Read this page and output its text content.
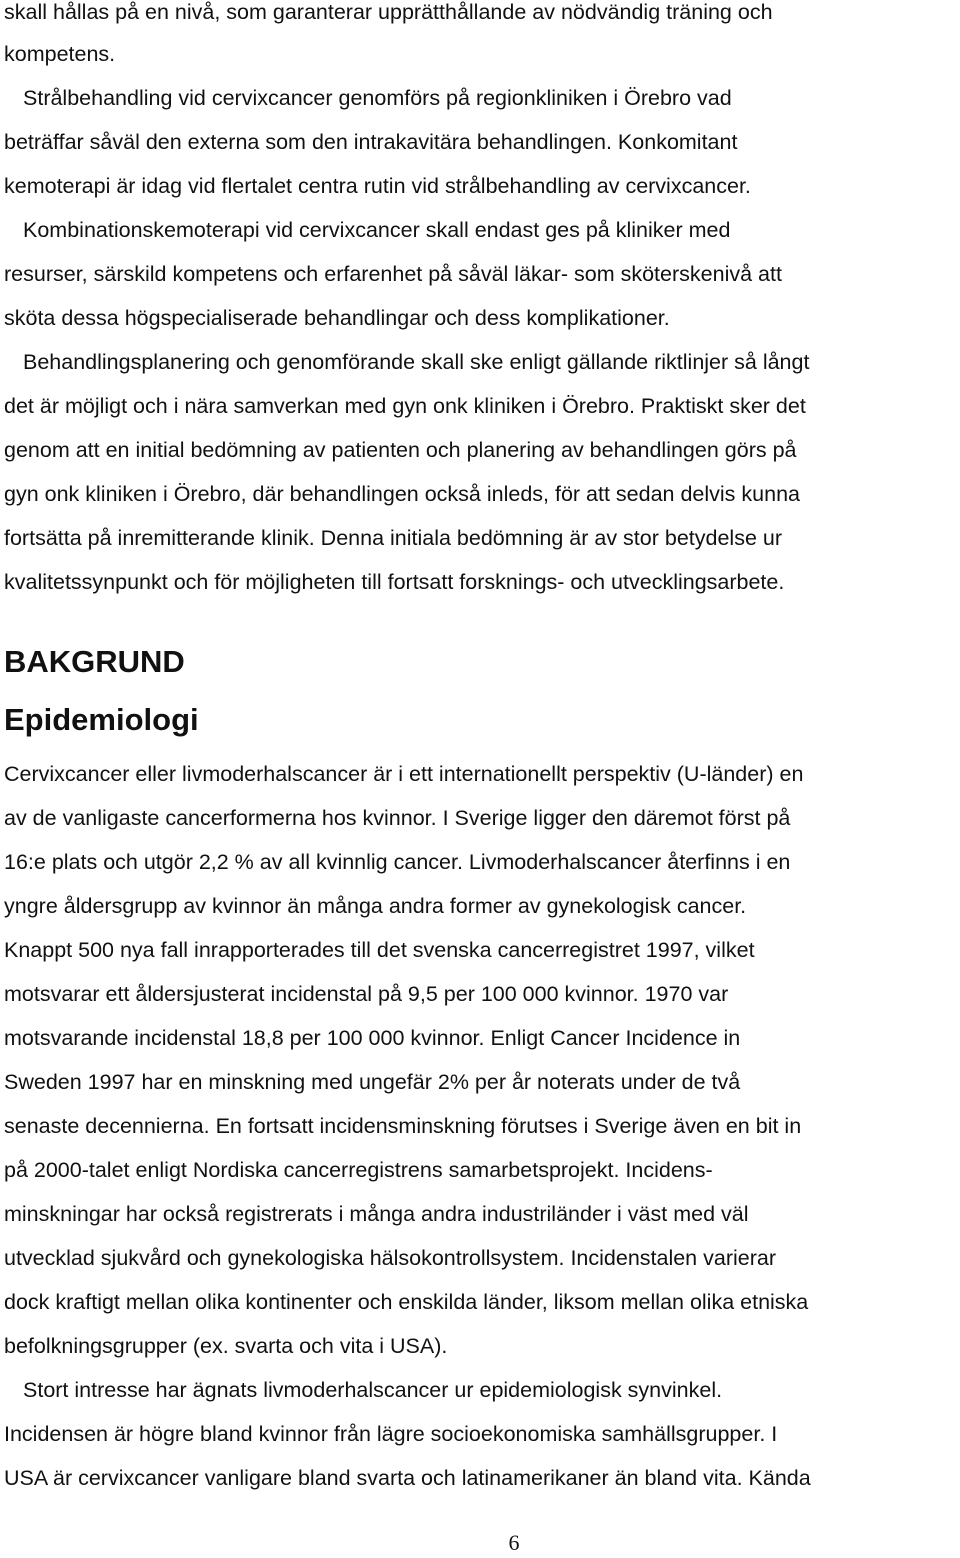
skall hållas på en nivå, som garanterar upprätthållande av nödvändig träning och
kompetens.
Strålbehandling vid cervixcancer genomförs på regionkliniken i Örebro vad
beträffar såväl den externa som den intrakavitära behandlingen. Konkomitant
kemoterapi är idag vid flertalet centra rutin vid strålbehandling av cervixcancer.
Kombinationskemoterapi vid cervixcancer skall endast ges på kliniker med
resurser, särskild kompetens och erfarenhet på såväl läkar- som sköterskenivå att
sköta dessa högspecialiserade behandlingar och dess komplikationer.
Behandlingsplanering och genomförande skall ske enligt gällande riktlinjer så långt
det är möjligt och i nära samverkan med gyn onk kliniken i Örebro. Praktiskt sker det
genom att en initial bedömning av patienten och planering av behandlingen görs på
gyn onk kliniken i Örebro, där behandlingen också inleds, för att sedan delvis kunna
fortsätta på inremitterande klinik. Denna initiala bedömning är av stor betydelse ur
kvalitetssynpunkt och för möjligheten till fortsatt forsknings- och utvecklingsarbete.
BAKGRUND
Epidemiologi
Cervixcancer eller livmoderhalscancer är i ett internationellt perspektiv (U-länder) en
av de vanligaste cancerformerna hos kvinnor. I Sverige ligger den däremot först på
16:e plats och utgör 2,2 % av all kvinnlig cancer. Livmoderhalscancer återfinns i en
yngre åldersgrupp av kvinnor än många andra former av gynekologisk cancer.
Knappt 500 nya fall inrapporterades till det svenska cancerregistret 1997, vilket
motsvarar ett åldersjusterat incidenstal på 9,5 per 100 000 kvinnor. 1970 var
motsvarande incidenstal 18,8 per 100 000 kvinnor. Enligt Cancer Incidence in
Sweden 1997 har en minskning med ungefär 2% per år noterats under de två
senaste decennierna. En fortsatt incidensminskning förutses i Sverige även en bit in
på 2000-talet enligt Nordiska cancerregistrens samarbetsprojekt. Incidens-
minskningar har också registrerats i många andra industriländer i väst med väl
utvecklad sjukvård och gynekologiska hälsokontrollsystem. Incidenstalen varierar
dock kraftigt mellan olika kontinenter och enskilda länder, liksom mellan olika etniska
befolkningsgrupper (ex. svarta och vita i USA).
Stort intresse har ägnats livmoderhalscancer ur epidemiologisk synvinkel.
Incidensen är högre bland kvinnor från lägre socioekonomiska samhällsgrupper. I
USA är cervixcancer vanligare bland svarta och latinamerikaner än bland vita. Kända
6
